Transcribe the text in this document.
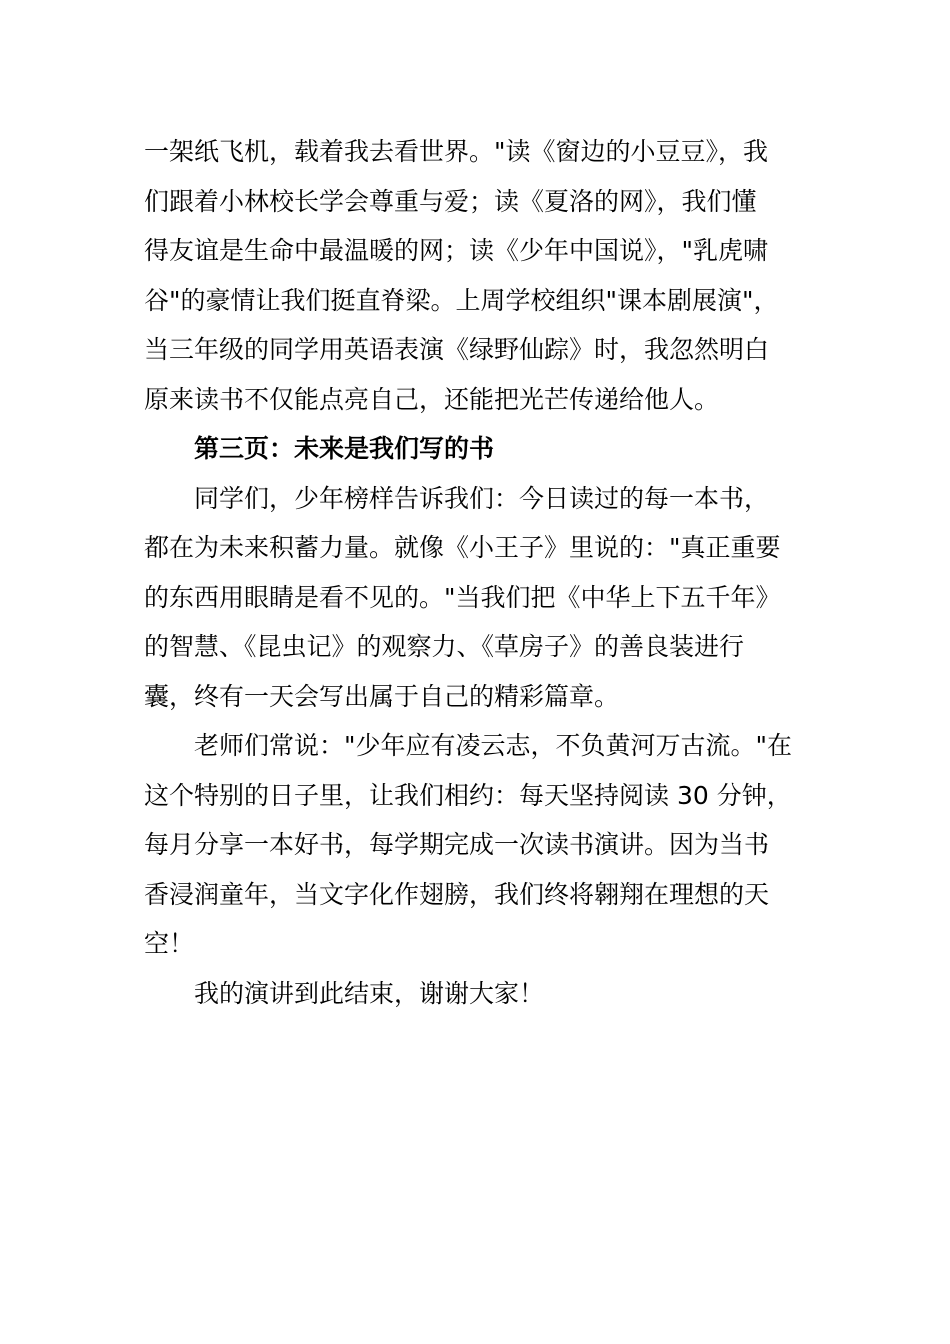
一架纸飞机，载着我去看世界。"读《窗边的小豆豆》，我
们跟着小林校长学会尊重与爱；读《夏洛的网》，我们懂
得友谊是生命中最温暖的网；读《少年中国说》，"乳虎啸
谷"的豪情让我们挺直脊梁。上周学校组织"课本剧展演"，
当三年级的同学用英语表演《绿野仙踪》时，我忽然明白
原来读书不仅能点亮自己，还能把光芒传递给他人。

第三页：未来是我们写的书

同学们，少年榜样告诉我们：今日读过的每一本书，
都在为未来积蓄力量。就像《小王子》里说的："真正重要
的东西用眼睛是看不见的。"当我们把《中华上下五千年》
的智慧、《昆虫记》的观察力、《草房子》的善良装进行
囊，终有一天会写出属于自己的精彩篇章。

老师们常说："少年应有凌云志，不负黄河万古流。"在
这个特别的日子里，让我们相约：每天坚持阅读 30 分钟，
每月分享一本好书，每学期完成一次读书演讲。因为当书
香浸润童年，当文字化作翅膀，我们终将翱翔在理想的天
空！

我的演讲到此结束，谢谢大家！
